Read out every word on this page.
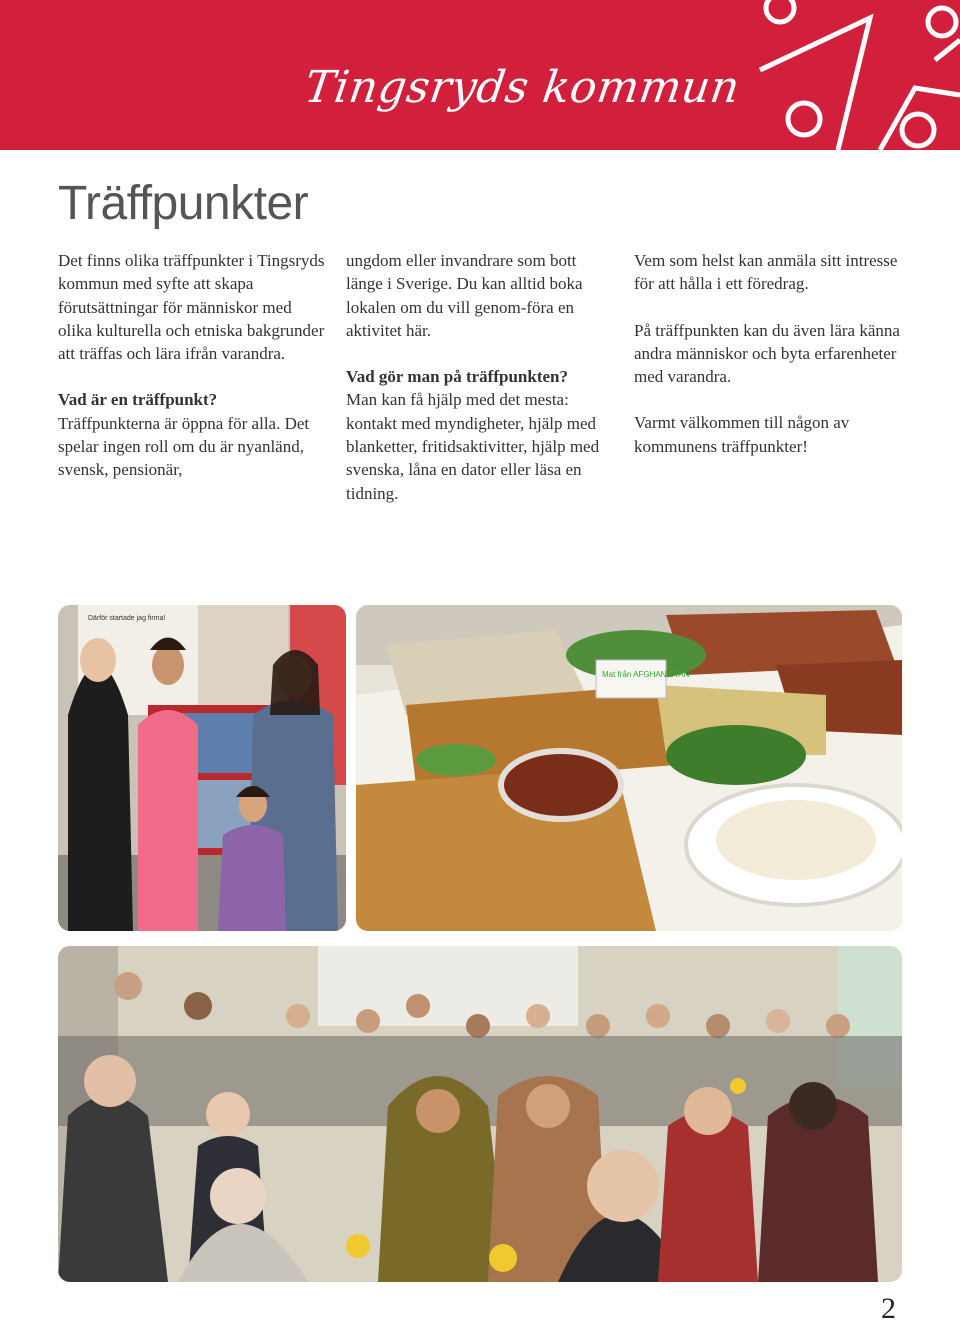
Tingsryds kommun
Träffpunkter

Det finns olika träffpunkter i Tingsryds kommun med syfte att skapa förutsättningar för människor med olika kulturella och etniska bakgrunder att träffas och lära ifrån varandra.

Vad är en träffpunkt?
Träffpunkterna är öppna för alla. Det spelar ingen roll om du är nyanländ, svensk, pensionär,

ungdom eller invandrare som bott länge i Sverige. Du kan alltid boka lokalen om du vill genom-föra en aktivitet här.

Vad gör man på träffpunkten?
Man kan få hjälp med det mesta: kontakt med myndigheter, hjälp med blanketter, fritidsaktivitter, hjälp med svenska, låna en dator eller läsa en tidning.

Vem som helst kan anmäla sitt intresse för att hålla i ett föredrag.

På träffpunkten kan du även lära känna andra människor och byta erfarenheter med varandra.

Varmt välkommen till någon av kommunens träffpunkter!

Därför startade jag firma!
Mat från AFGHANISTAN
2
